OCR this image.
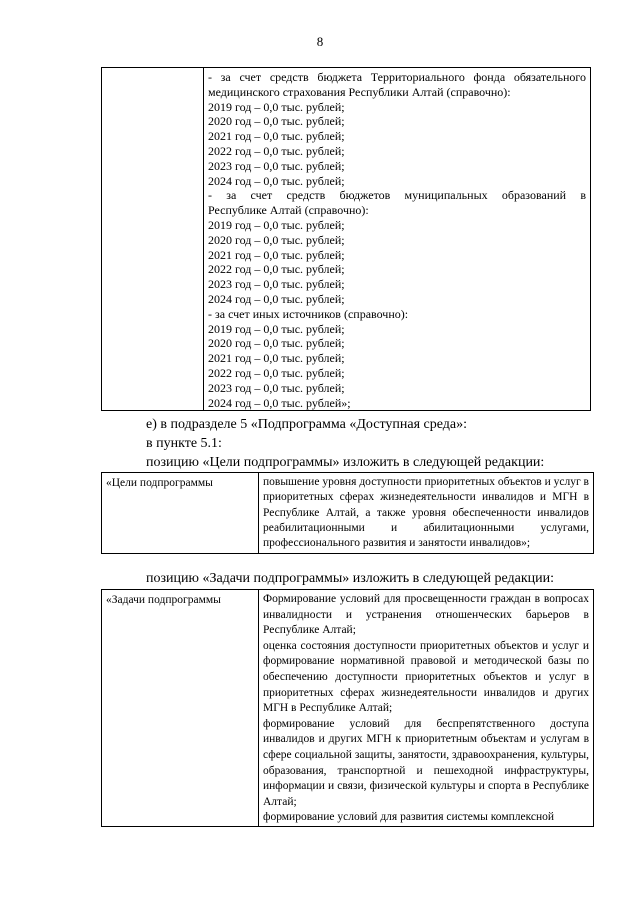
8

- за счет средств бюджета Территориального фонда обязательного
медицинского страхования Республики Алтай (справочно):
2019 год – 0,0 тыс. рублей;
2020 год – 0,0 тыс. рублей;
2021 год – 0,0 тыс. рублей;
2022 год – 0,0 тыс. рублей;
2023 год – 0,0 тыс. рублей;
2024 год – 0,0 тыс. рублей;
- за счет средств бюджетов муниципальных образований в
Республике Алтай (справочно):
2019 год – 0,0 тыс. рублей;
2020 год – 0,0 тыс. рублей;
2021 год – 0,0 тыс. рублей;
2022 год – 0,0 тыс. рублей;
2023 год – 0,0 тыс. рублей;
2024 год – 0,0 тыс. рублей;
- за счет иных источников (справочно):
2019 год – 0,0 тыс. рублей;
2020 год – 0,0 тыс. рублей;
2021 год – 0,0 тыс. рублей;
2022 год – 0,0 тыс. рублей;
2023 год – 0,0 тыс. рублей;
2024 год – 0,0 тыс. рублей»;
е) в подразделе 5 «Подпрограмма «Доступная среда»:
в пункте 5.1:
позицию «Цели подпрограммы» изложить в следующей редакции:
«Цели подпрограммы	повышение уровня доступности приоритетных объектов и услуг в приоритетных сферах жизнедеятельности инвалидов и МГН в Республике Алтай, а также уровня обеспеченности инвалидов реабилитационными и абилитационными услугами, профессионального развития и занятости инвалидов»;
позицию «Задачи подпрограммы» изложить в следующей редакции:
«Задачи подпрограммы	Формирование условий для просвещенности граждан в вопросах инвалидности и устранения отношенческих барьеров в Республике Алтай;
оценка состояния доступности приоритетных объектов и услуг и формирование нормативной правовой и методической базы по обеспечению доступности приоритетных объектов и услуг в приоритетных сферах жизнедеятельности инвалидов и других МГН в Республике Алтай;
формирование условий для беспрепятственного доступа инвалидов и других МГН к приоритетным объектам и услугам в сфере социальной защиты, занятости, здравоохранения, культуры, образования, транспортной и пешеходной инфраструктуры, информации и связи, физической культуры и спорта в Республике Алтай;
формирование условий для развития системы комплексной
